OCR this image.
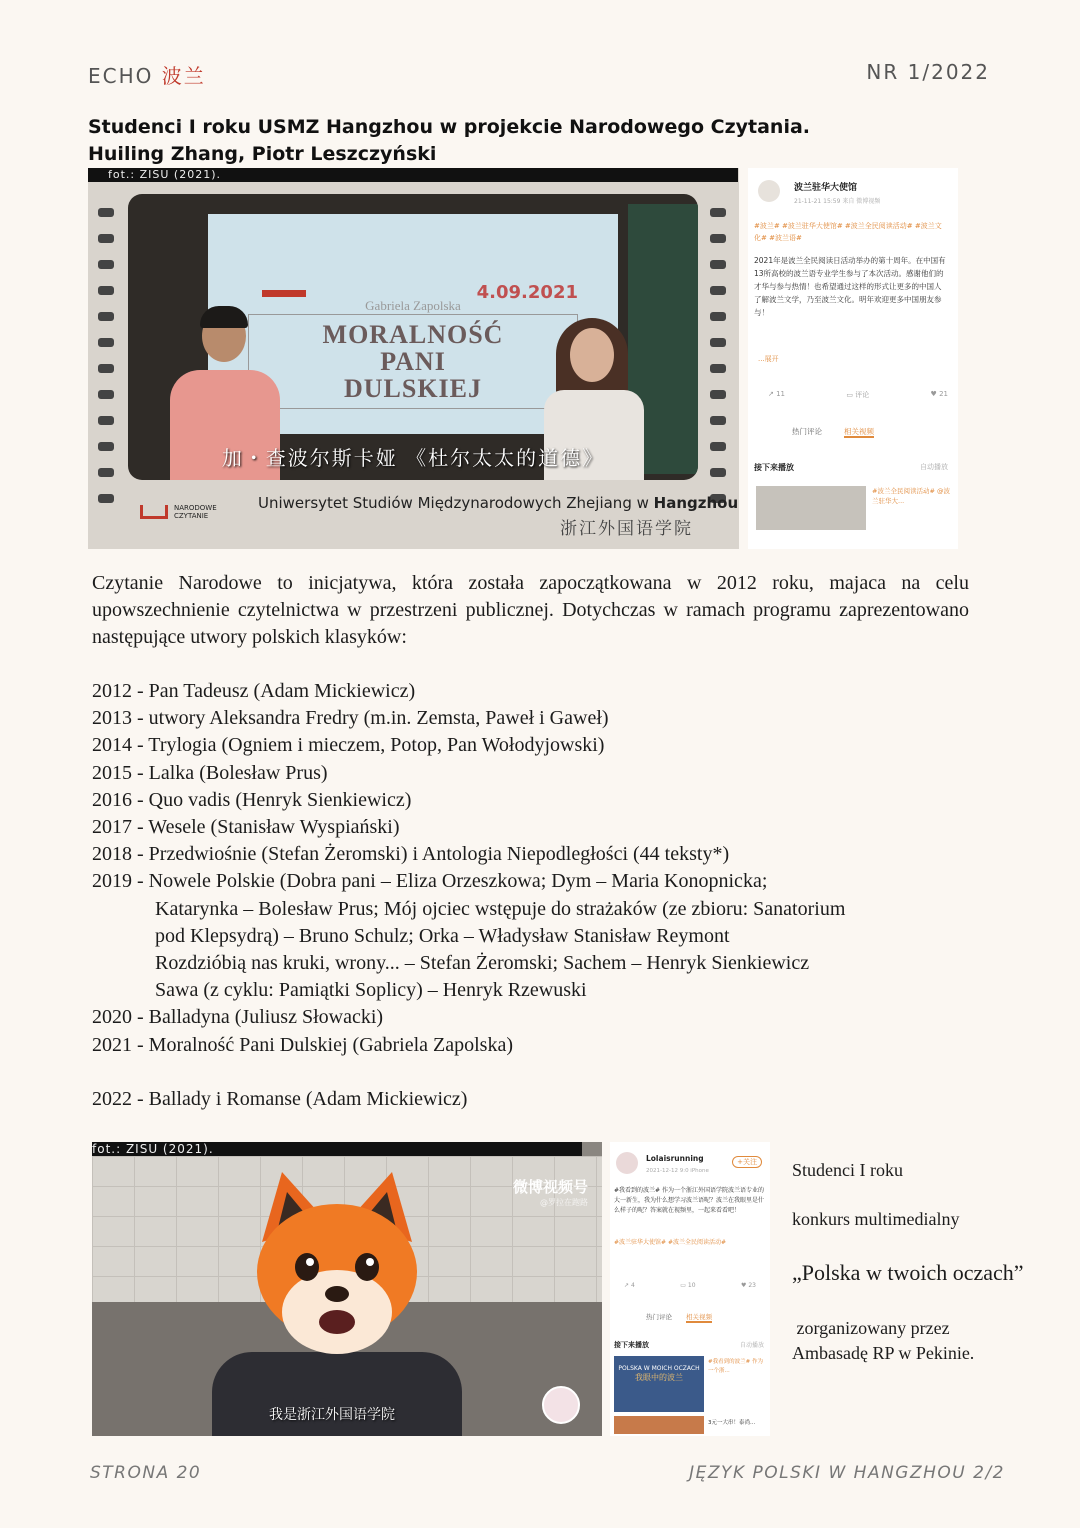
ECHO 波兰	NR 1/2022
Studenci I roku USMZ Hangzhou w projekcie Narodowego Czytania.
Huiling Zhang, Piotr Leszczyński
4.09.2021
Gabriela Zapolska
MORALNOŚĆ
PANI
DULSKIEJ
加・查波尔斯卡娅 《杜尔太太的道德》
NARODOWE
CZYTANIE
Uniwersytet Studiów Międzynarodowych Zhejiang w Hangzhou
浙江外国语学院
fot.: ZISU (2021).
波兰驻华大使馆
21-11-21 15:59 来自 微博视频
#波兰# #波兰驻华大使馆# #波兰全民阅读活动# #波兰文化# #波兰语#
2021年是波兰全民阅读日活动举办的第十周年。在中国有13所高校的波兰语专业学生参与了本次活动。感谢他们的才华与参与热情！也希望通过这样的形式让更多的中国人了解波兰文学，乃至波兰文化。明年欢迎更多中国朋友参与！
...展开
↗ 11	▭ 评论	♥ 21
热门评论	相关视频
接下来播放	自动播放
#波兰全民阅读活动# @波兰驻华大...
Czytanie Narodowe to inicjatywa, która została zapoczątkowana w 2012 roku, majaca na celu upowszechnienie czytelnictwa w przestrzeni publicznej. Dotychczas w ramach programu zaprezentowano następujące utwory polskich klasyków:
2012 - Pan Tadeusz (Adam Mickiewicz)
2013 - utwory Aleksandra Fredry (m.in. Zemsta, Paweł i Gaweł)
2014 - Trylogia (Ogniem i mieczem, Potop, Pan Wołodyjowski)
2015 - Lalka (Bolesław Prus)
2016 - Quo vadis (Henryk Sienkiewicz)
2017 - Wesele (Stanisław Wyspiański)
2018 - Przedwiośnie (Stefan Żeromski) i Antologia Niepodległości (44 teksty*)
2019 - Nowele Polskie (Dobra pani – Eliza Orzeszkowa; Dym – Maria Konopnicka;
Katarynka – Bolesław Prus; Mój ojciec wstępuje do strażaków (ze zbioru: Sanatorium
pod Klepsydrą) – Bruno Schulz; Orka – Władysław Stanisław Reymont
Rozdzióbią nas kruki, wrony... – Stefan Żeromski; Sachem – Henryk Sienkiewicz
Sawa (z cyklu: Pamiątki Soplicy) – Henryk Rzewuski
2020 - Balladyna (Juliusz Słowacki)
2021 - Moralność Pani Dulskiej (Gabriela Zapolska)
2022 - Ballady i Romanse (Adam Mickiewicz)
微博视频号
@罗拉在跑路
我是浙江外国语学院
fot.: ZISU (2021).
Lolaisrunning
2021-12-12 9:0 iPhone
+关注
#我看到的波兰# 作为一个浙江外国语学院波兰语专业的大一新生，我为什么想学习波兰语呢？波兰在我眼里是什么样子的呢？答案就在视频里，一起来看看吧！
#波兰驻华大使馆# #波兰全民阅读活动#
↗ 4	▭ 10	♥ 23
热门评论 相关视频
接下来播放	自动播放
POLSKA W MOICH OCZACH
我眼中的波兰
#我看到的波兰# 作为一个浙...
3元一大串！泰尚...
Studenci I roku
konkurs multimedialny
„Polska w twoich oczach”
zorganizowany przez
Ambasadę RP w Pekinie.
STRONA 20	JĘZYK POLSKI W HANGZHOU 2/2
